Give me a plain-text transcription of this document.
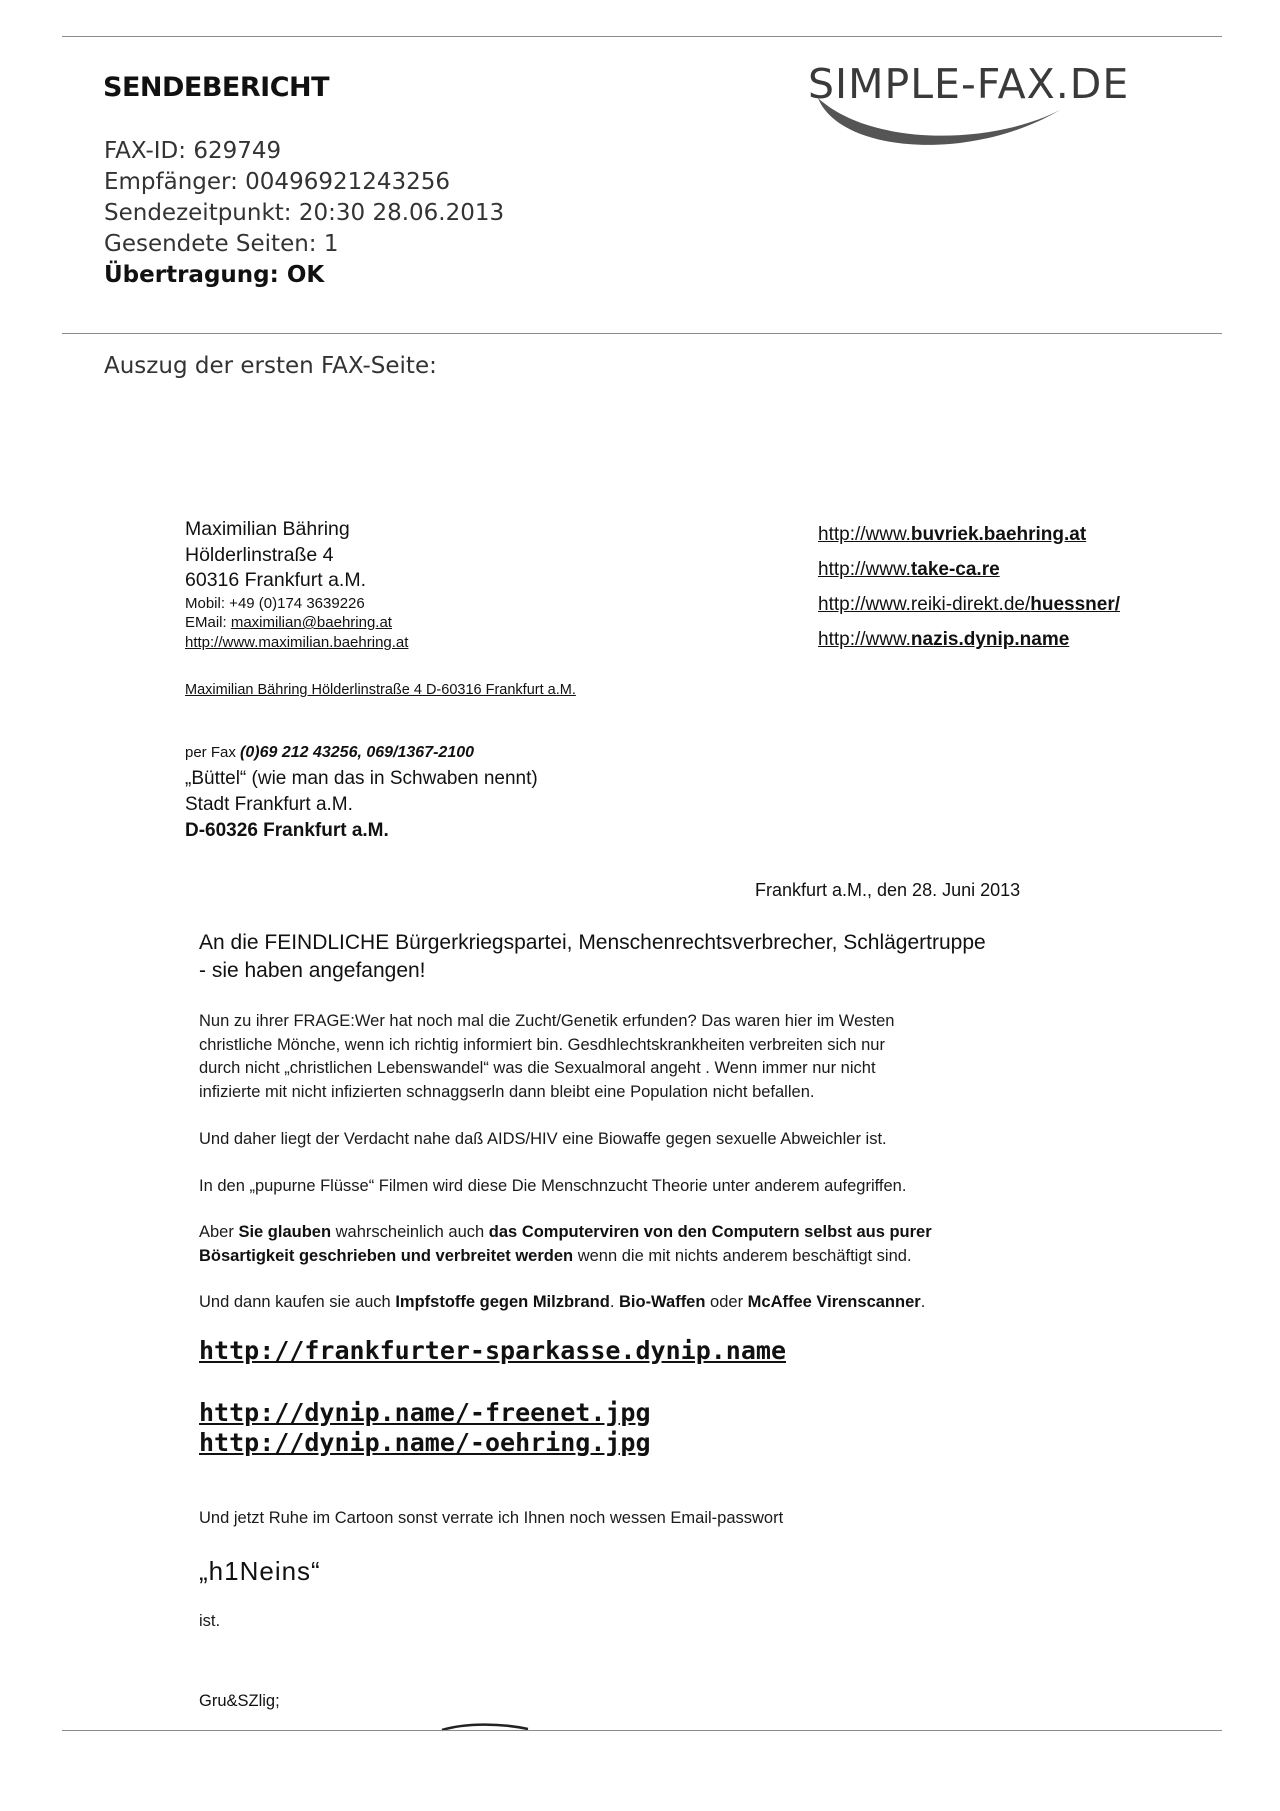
SENDEBERICHT	SIMPLE-FAX.DE
FAX-ID: 629749
Empfänger: 00496921243256
Sendezeitpunkt: 20:30 28.06.2013
Gesendete Seiten: 1
Übertragung: OK
Auszug der ersten FAX-Seite:
Maximilian Bähring
Hölderlinstraße 4
60316 Frankfurt a.M.
Mobil: +49 (0)174 3639226
EMail: maximilian@baehring.at
http://www.maximilian.baehring.at
http://www.buvriek.baehring.at
http://www.take-ca.re
http://www.reiki-direkt.de/huessner/
http://www.nazis.dynip.name
Maximilian Bähring Hölderlinstraße 4 D-60316 Frankfurt a.M.
per Fax (0)69 212 43256, 069/1367-2100
„Büttel“ (wie man das in Schwaben nennt)
Stadt Frankfurt a.M.
D-60326 Frankfurt a.M.
Frankfurt a.M., den 28. Juni 2013
An die FEINDLICHE Bürgerkriegspartei, Menschenrechtsverbrecher, Schlägertruppe
- sie haben angefangen!
Nun zu ihrer FRAGE:Wer hat noch mal die Zucht/Genetik erfunden? Das waren hier im Westen
christliche Mönche, wenn ich richtig informiert bin. Gesdhlechtskrankheiten verbreiten sich nur
durch nicht „christlichen Lebenswandel“ was die Sexualmoral angeht . Wenn immer nur nicht
infizierte mit nicht infizierten schnaggserln dann bleibt eine Population nicht befallen.
Und daher liegt der Verdacht nahe daß AIDS/HIV eine Biowaffe gegen sexuelle Abweichler ist.
In den „pupurne Flüsse“ Filmen wird diese Die Menschnzucht Theorie unter anderem aufegriffen.
Aber Sie glauben wahrscheinlich auch das Computerviren von den Computern selbst aus purer
Bösartigkeit geschrieben und verbreitet werden wenn die mit nichts anderem beschäftigt sind.
Und dann kaufen sie auch Impfstoffe gegen Milzbrand. Bio-Waffen oder McAffee Virenscanner.
http://frankfurter-sparkasse.dynip.name
http://dynip.name/-freenet.jpg
http://dynip.name/-oehring.jpg
Und jetzt Ruhe im Cartoon sonst verrate ich Ihnen noch wessen Email-passwort
„h1Neins“
ist.
Gru&SZlig;
